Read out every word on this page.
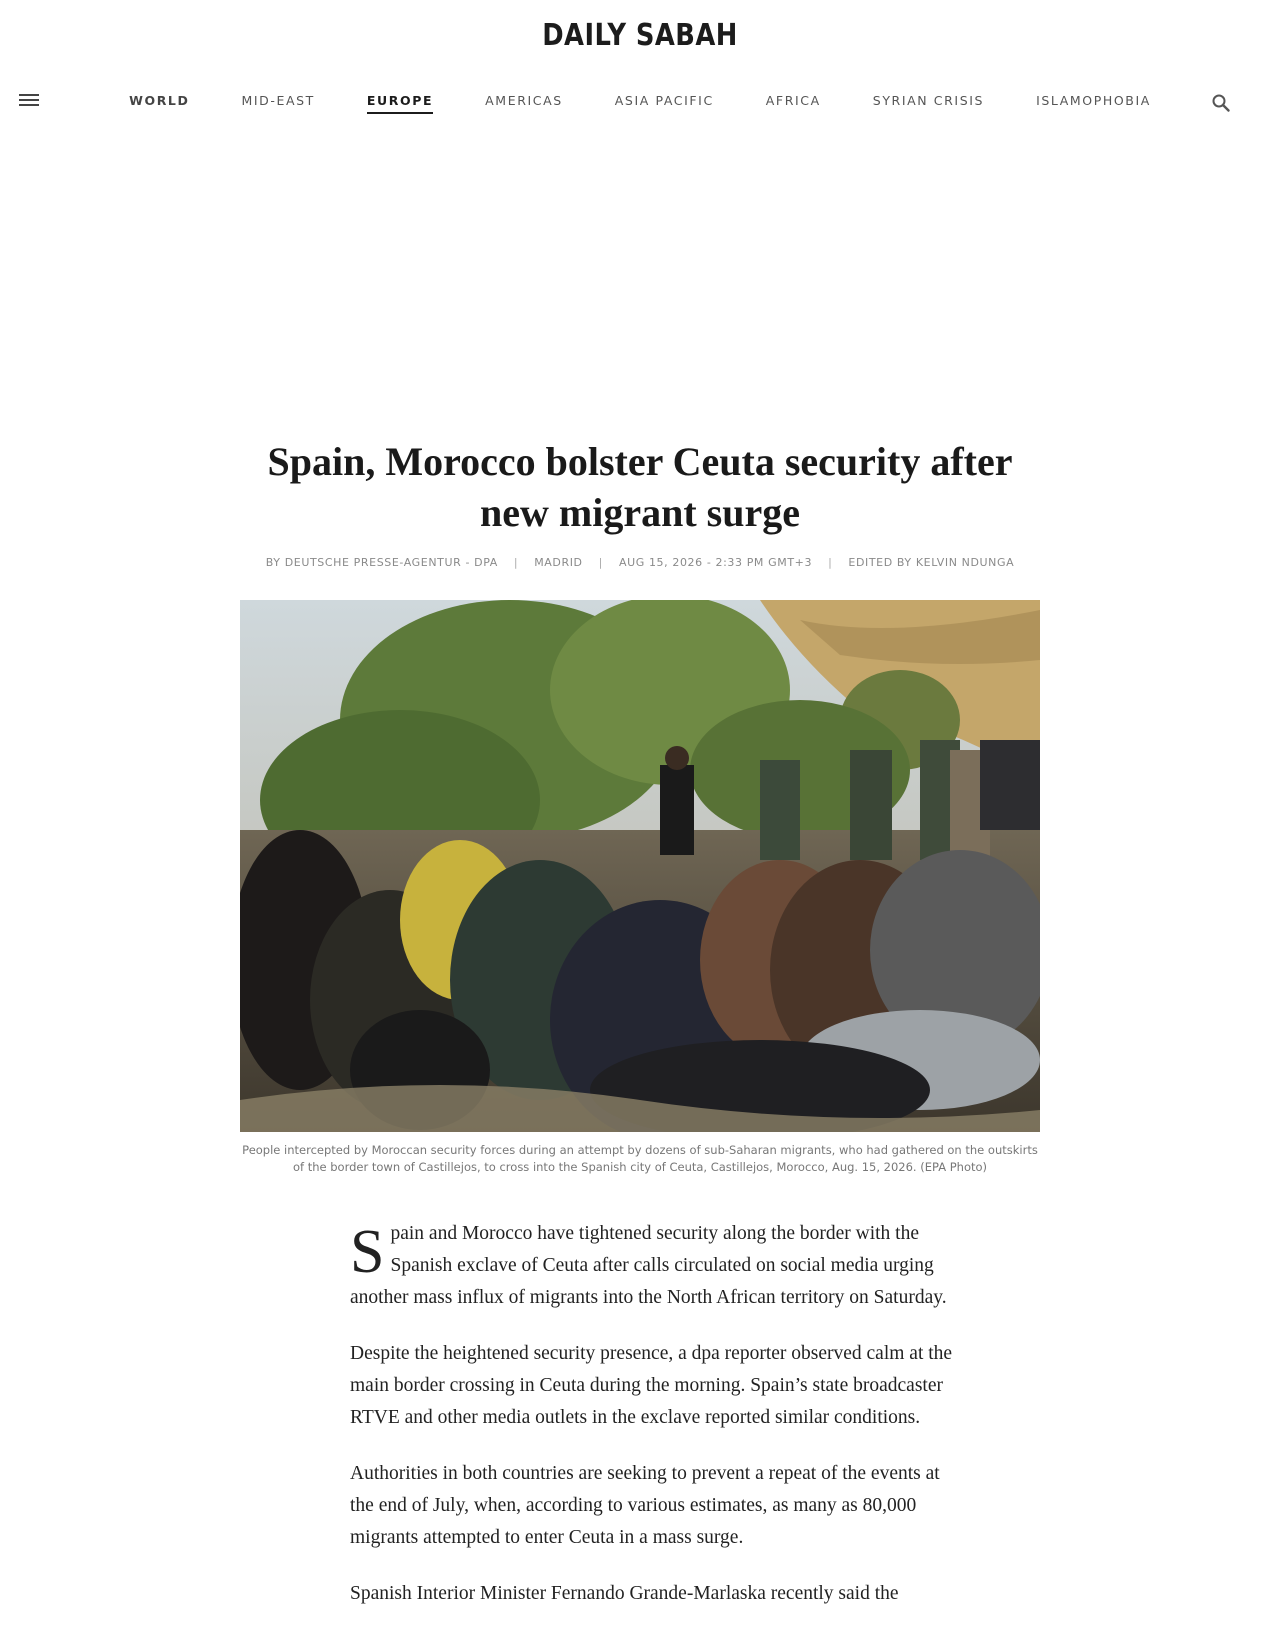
DAILY SABAH
WORLD	MID-EAST	EUROPE	AMERICAS	ASIA PACIFIC	AFRICA	SYRIAN CRISIS	ISLAMOPHOBIA
Spain, Morocco bolster Ceuta security after new migrant surge
BY DEUTSCHE PRESSE-AGENTUR - DPA | MADRID | AUG 15, 2026 - 2:33 PM GMT+3 | EDITED BY KELVIN NDUNGA
People intercepted by Moroccan security forces during an attempt by dozens of sub-Saharan migrants, who had gathered on the outskirts of the border town of Castillejos, to cross into the Spanish city of Ceuta, Castillejos, Morocco, Aug. 15, 2026. (EPA Photo)

Spain and Morocco have tightened security along the border with the Spanish exclave of Ceuta after calls circulated on social media urging another mass influx of migrants into the North African territory on Saturday.

Despite the heightened security presence, a dpa reporter observed calm at the main border crossing in Ceuta during the morning. Spain’s state broadcaster RTVE and other media outlets in the exclave reported similar conditions.

Authorities in both countries are seeking to prevent a repeat of the events at the end of July, when, according to various estimates, as many as 80,000 migrants attempted to enter Ceuta in a mass surge.

Spanish Interior Minister Fernando Grande-Marlaska recently said the
